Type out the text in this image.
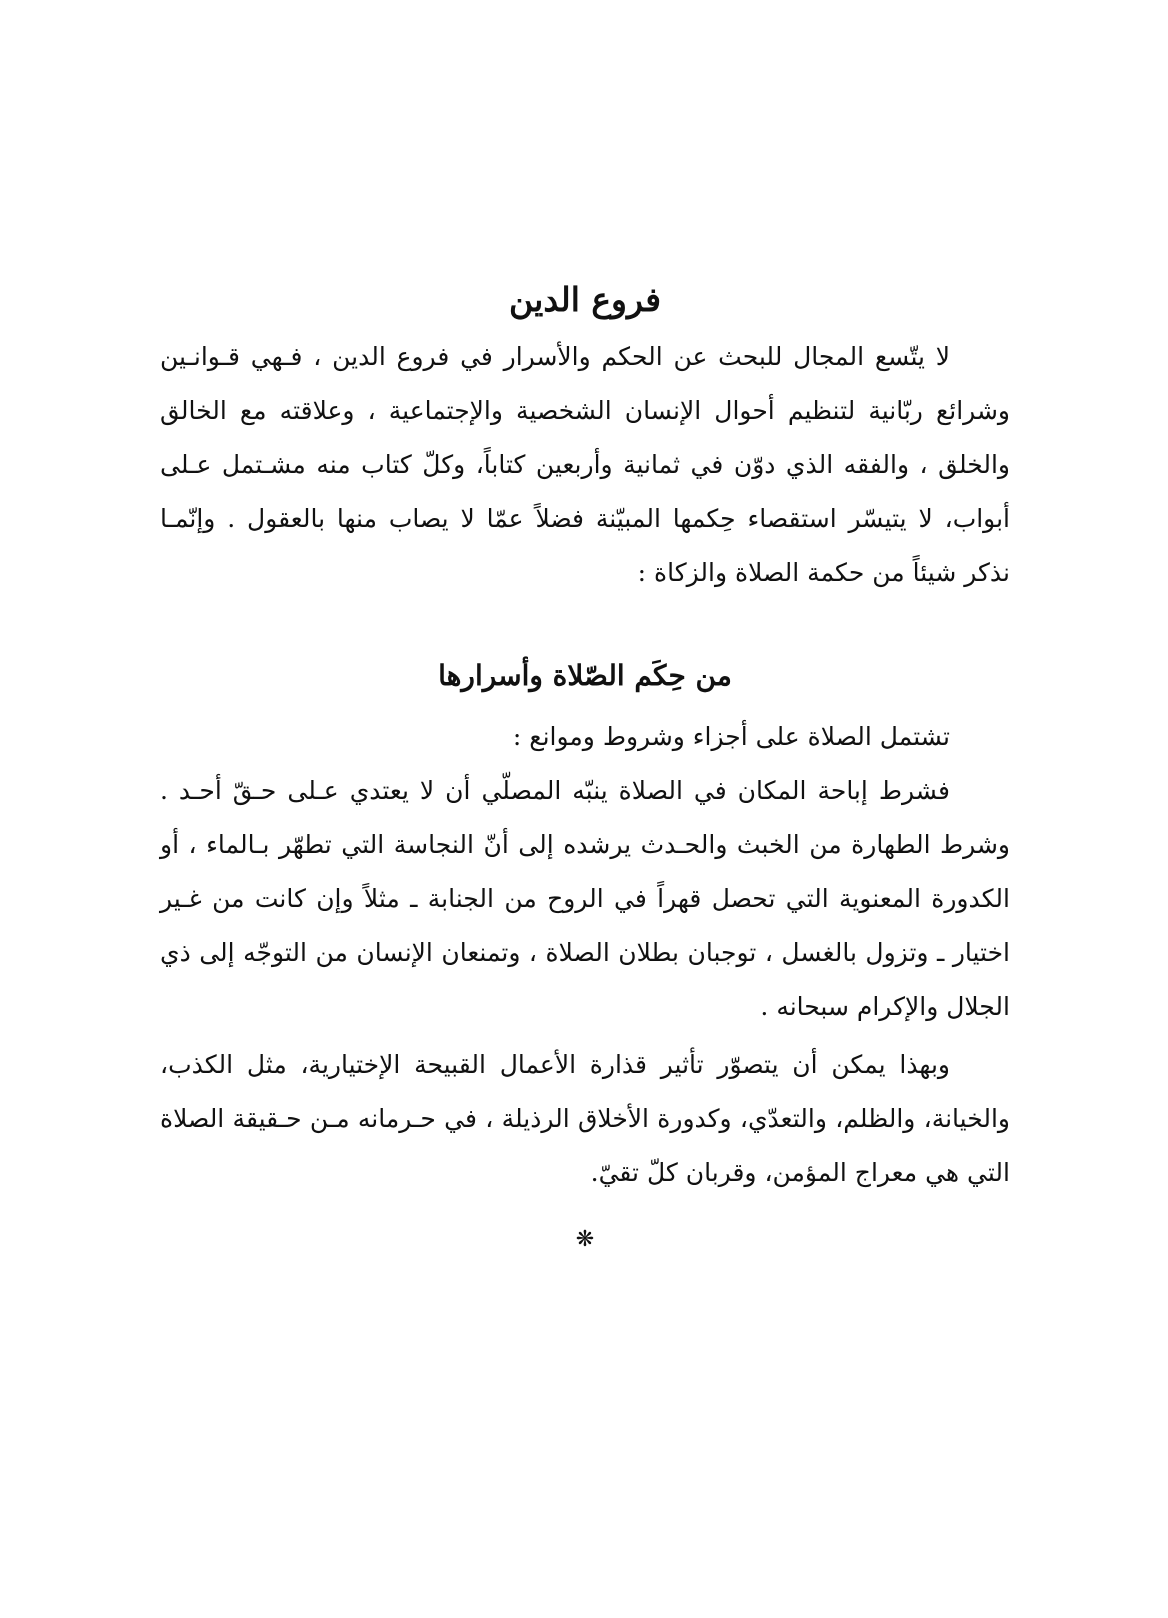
فروع الدين

لا يتّسع المجال للبحث عن الحكم والأسرار في فروع الدين ، فـهي قـوانـين وشرائع ربّانية لتنظيم أحوال الإنسان الشخصية والإجتماعية ، وعلاقته مع الخالق والخلق ، والفقه الذي دوّن في ثمانية وأربعين كتاباً، وكلّ كتاب منه مشـتمل عـلى أبواب، لا يتيسّر استقصاء حِكمها المبيّنة فضلاً عمّا لا يصاب منها بالعقول . وإنّمـا نذكر شيئاً من حكمة الصلاة والزكاة :

من حِكَم الصّلاة وأسرارها

تشتمل الصلاة على أجزاء وشروط وموانع :

فشرط إباحة المكان في الصلاة ينبّه المصلّي أن لا يعتدي عـلى حـقّ أحـد . وشرط الطهارة من الخبث والحـدث يرشده إلى أنّ النجاسة التي تطهّر بـالماء ، أو الكدورة المعنوية التي تحصل قهراً في الروح من الجنابة ـ مثلاً وإن كانت من غـير اختيار ـ وتزول بالغسل ، توجبان بطلان الصلاة ، وتمنعان الإنسان من التوجّه إلى ذي الجلال والإكرام سبحانه .

وبهذا يمكن أن يتصوّر تأثير قذارة الأعمال القبيحة الإختيارية، مثل الكذب، والخيانة، والظلم، والتعدّي، وكدورة الأخلاق الرذيلة ، في حـرمانه مـن حـقيقة الصلاة التي هي معراج المؤمن، وقربان كلّ تقيّ.

❋
